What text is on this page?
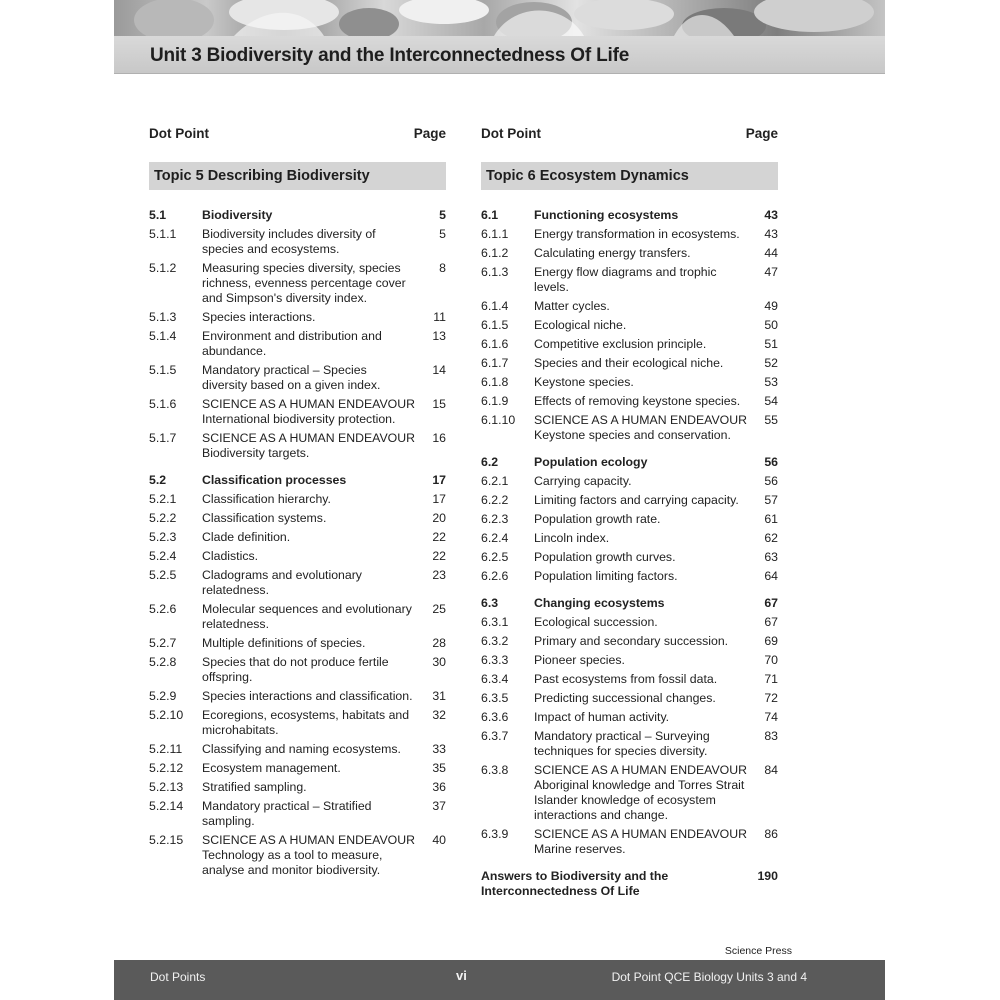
Unit 3 Biodiversity and the Interconnectedness Of Life
Dot Point	Page
Topic 5 Describing Biodiversity
5.1	Biodiversity	5
5.1.1 Biodiversity includes diversity of species and ecosystems.
5
5.1.2 Measuring species diversity, species richness, evenness percentage cover and Simpson's diversity index.
8
5.1.3 Species interactions.	11
5.1.4 Environment and distribution and abundance.
13
5.1.5 Mandatory practical – Species diversity based on a given index.
14
5.1.6 SCIENCE AS A HUMAN ENDEAVOUR International biodiversity protection.
15
5.1.7 SCIENCE AS A HUMAN ENDEAVOUR Biodiversity targets.
16
5.2	Classification processes	17
5.2.1 Classification hierarchy.	17
5.2.2 Classification systems.	20
5.2.3 Clade definition.	22
5.2.4 Cladistics.	22
5.2.5 Cladograms and evolutionary relatedness.
23
5.2.6 Molecular sequences and evolutionary relatedness.
25
5.2.7 Multiple definitions of species.	28
5.2.8 Species that do not produce fertile offspring.
30
5.2.9 Species interactions and classification. 31
5.2.10 Ecoregions, ecosystems, habitats and microhabitats.
32
5.2.11 Classifying and naming ecosystems.	33
5.2.12 Ecosystem management.	35
5.2.13 Stratified sampling.	36
5.2.14 Mandatory practical – Stratified sampling.
37
5.2.15 SCIENCE AS A HUMAN ENDEAVOUR Technology as a tool to measure, analyse and monitor biodiversity.
40
Dot Point	Page
Topic 6 Ecosystem Dynamics
6.1	Functioning ecosystems	43
6.1.1 Energy transformation in ecosystems.	43
6.1.2 Calculating energy transfers.	44
6.1.3 Energy flow diagrams and trophic levels.
47
6.1.4 Matter cycles.	49
6.1.5 Ecological niche.	50
6.1.6 Competitive exclusion principle.	51
6.1.7 Species and their ecological niche.	52
6.1.8 Keystone species.	53
6.1.9 Effects of removing keystone species.	54
6.1.10 SCIENCE AS A HUMAN ENDEAVOUR Keystone species and conservation.
55
6.2	Population ecology	56
6.2.1 Carrying capacity.	56
6.2.2 Limiting factors and carrying capacity.	57
6.2.3 Population growth rate.	61
6.2.4 Lincoln index.	62
6.2.5 Population growth curves.	63
6.2.6 Population limiting factors.	64
6.3	Changing ecosystems	67
6.3.1 Ecological succession.	67
6.3.2 Primary and secondary succession.	69
6.3.3 Pioneer species.	70
6.3.4 Past ecosystems from fossil data.	71
6.3.5 Predicting successional changes.	72
6.3.6 Impact of human activity.	74
6.3.7 Mandatory practical – Surveying techniques for species diversity.
83
6.3.8 SCIENCE AS A HUMAN ENDEAVOUR Aboriginal knowledge and Torres Strait Islander knowledge of ecosystem interactions and change.
84
6.3.9 SCIENCE AS A HUMAN ENDEAVOUR Marine reserves.
86
Answers to Biodiversity and the Interconnectedness Of Life
190
Science Press
Dot Points	vi	Dot Point QCE Biology Units 3 and 4
